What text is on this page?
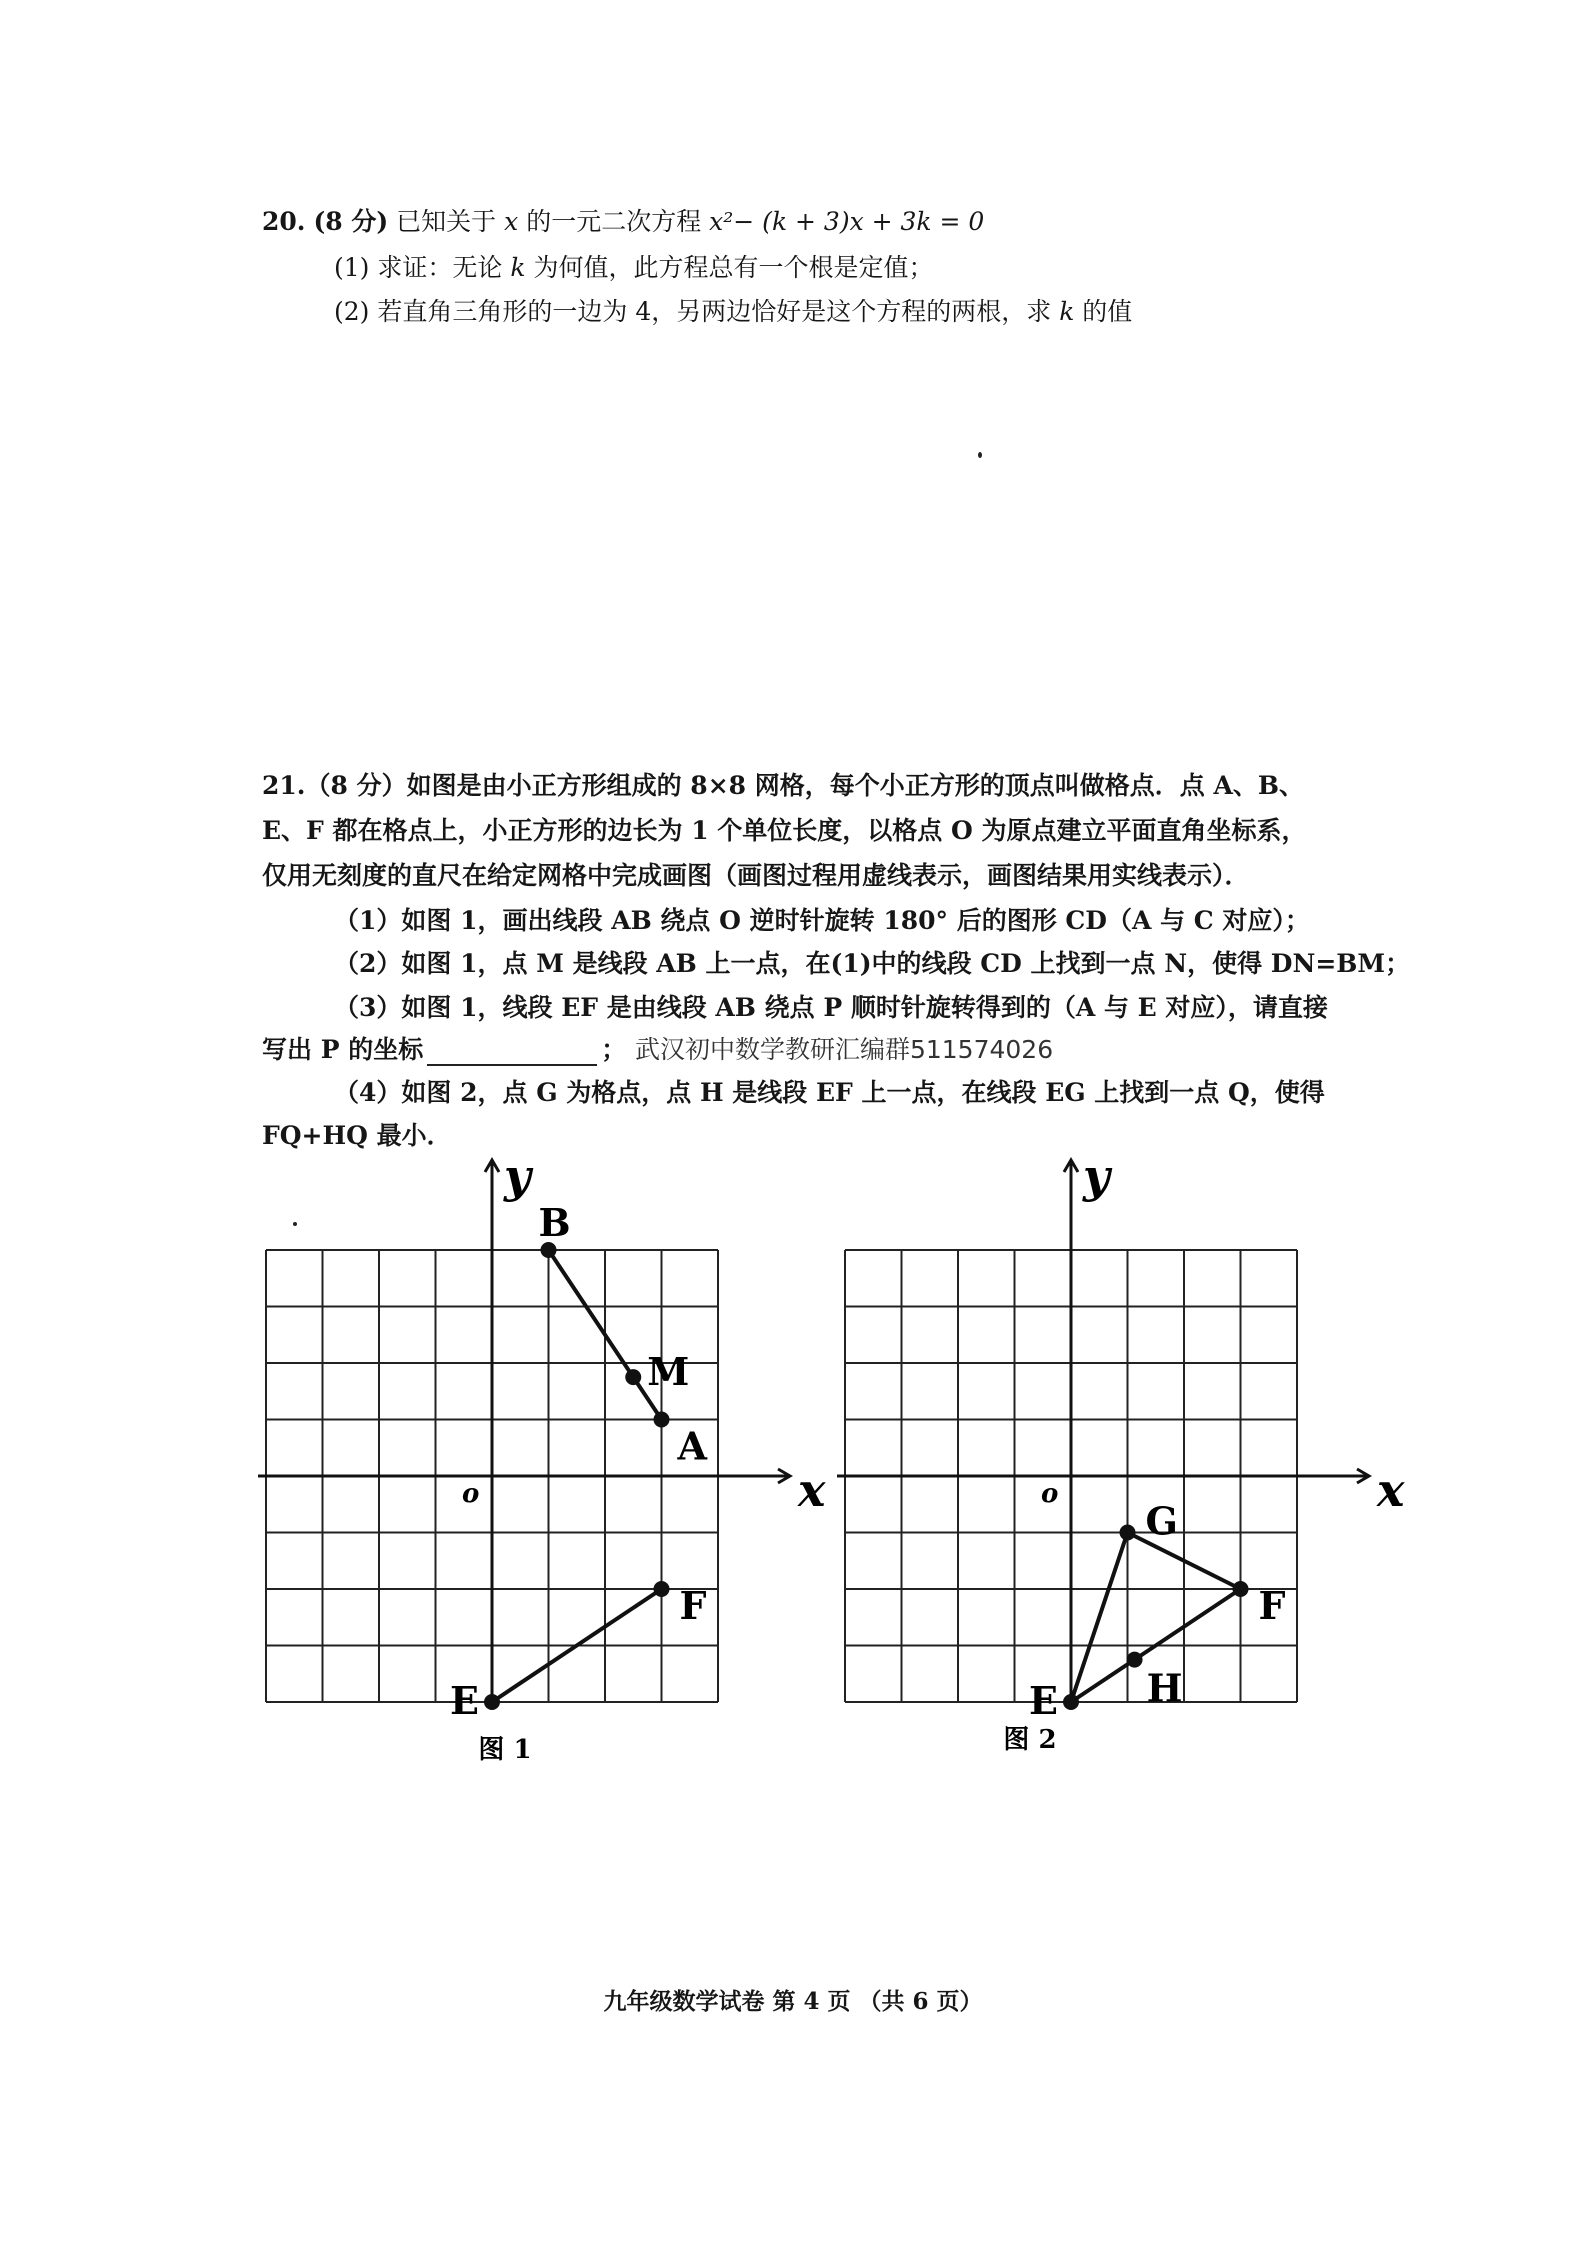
20. (8 分) 已知关于 x 的一元二次方程 x²− (k + 3)x + 3k = 0
(1) 求证：无论 k 为何值，此方程总有一个根是定值；
(2) 若直角三角形的一边为 4，另两边恰好是这个方程的两根，求 k 的值
21.（8 分）如图是由小正方形组成的 8×8 网格，每个小正方形的顶点叫做格点．点 A、B、
E、F 都在格点上，小正方形的边长为 1 个单位长度，以格点 O 为原点建立平面直角坐标系，
仅用无刻度的直尺在给定网格中完成画图（画图过程用虚线表示，画图结果用实线表示）．
（1）如图 1，画出线段 AB 绕点 O 逆时针旋转 180° 后的图形 CD（A 与 C 对应）；
（2）如图 1，点 M 是线段 AB 上一点，在(1)中的线段 CD 上找到一点 N，使得 DN=BM；
（3）如图 1，线段 EF 是由线段 AB 绕点 P 顺时针旋转得到的（A 与 E 对应），请直接
写出 P 的坐标	； 武汉初中数学教研汇编群511574026
（4）如图 2，点 G 为格点，点 H 是线段 EF 上一点，在线段 EG 上找到一点 Q，使得
FQ+HQ 最小．
x
y
o
B
M
A
F
E
图 1
x
y
o
G
F
H
E
图 2
九年级数学试卷 第 4 页 （共 6 页）
